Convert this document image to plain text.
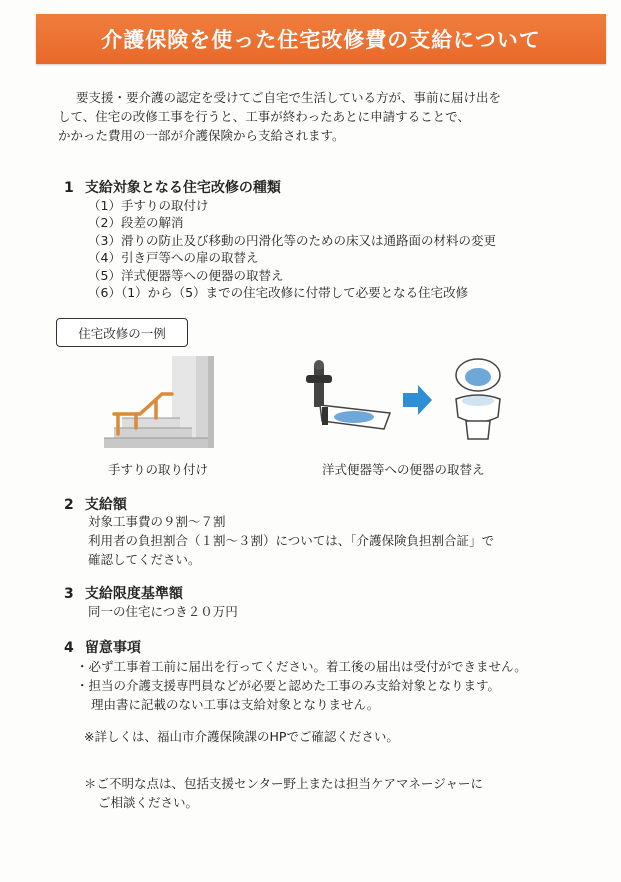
介護保険を使った住宅改修費の支給について

要支援・要介護の認定を受けてご自宅で生活している方が、事前に届け出を
して、住宅の改修工事を行うと、工事が終わったあとに申請することで、
かかった費用の一部が介護保険から支給されます。

1 支給対象となる住宅改修の種類
（1）手すりの取付け
（2）段差の解消
（3）滑りの防止及び移動の円滑化等のための床又は通路面の材料の変更
（4）引き戸等への扉の取替え
（5）洋式便器等への便器の取替え
（6）（1）から（5）までの住宅改修に付帯して必要となる住宅改修
住宅改修の一例
手すりの取り付け	洋式便器等への便器の取替え
2 支給額
対象工事費の９割～７割
利用者の負担割合（１割～３割）については、「介護保険負担割合証」で
確認してください。
3 支給限度基準額
同一の住宅につき２０万円
4 留意事項
・必ず工事着工前に届出を行ってください。着工後の届出は受付ができません。
・担当の介護支援専門員などが必要と認めた工事のみ支給対象となります。
理由書に記載のない工事は支給対象となりません。
※詳しくは、福山市介護保険課のHPでご確認ください。
＊ご不明な点は、包括支援センター野上または担当ケアマネージャーに
ご相談ください。
